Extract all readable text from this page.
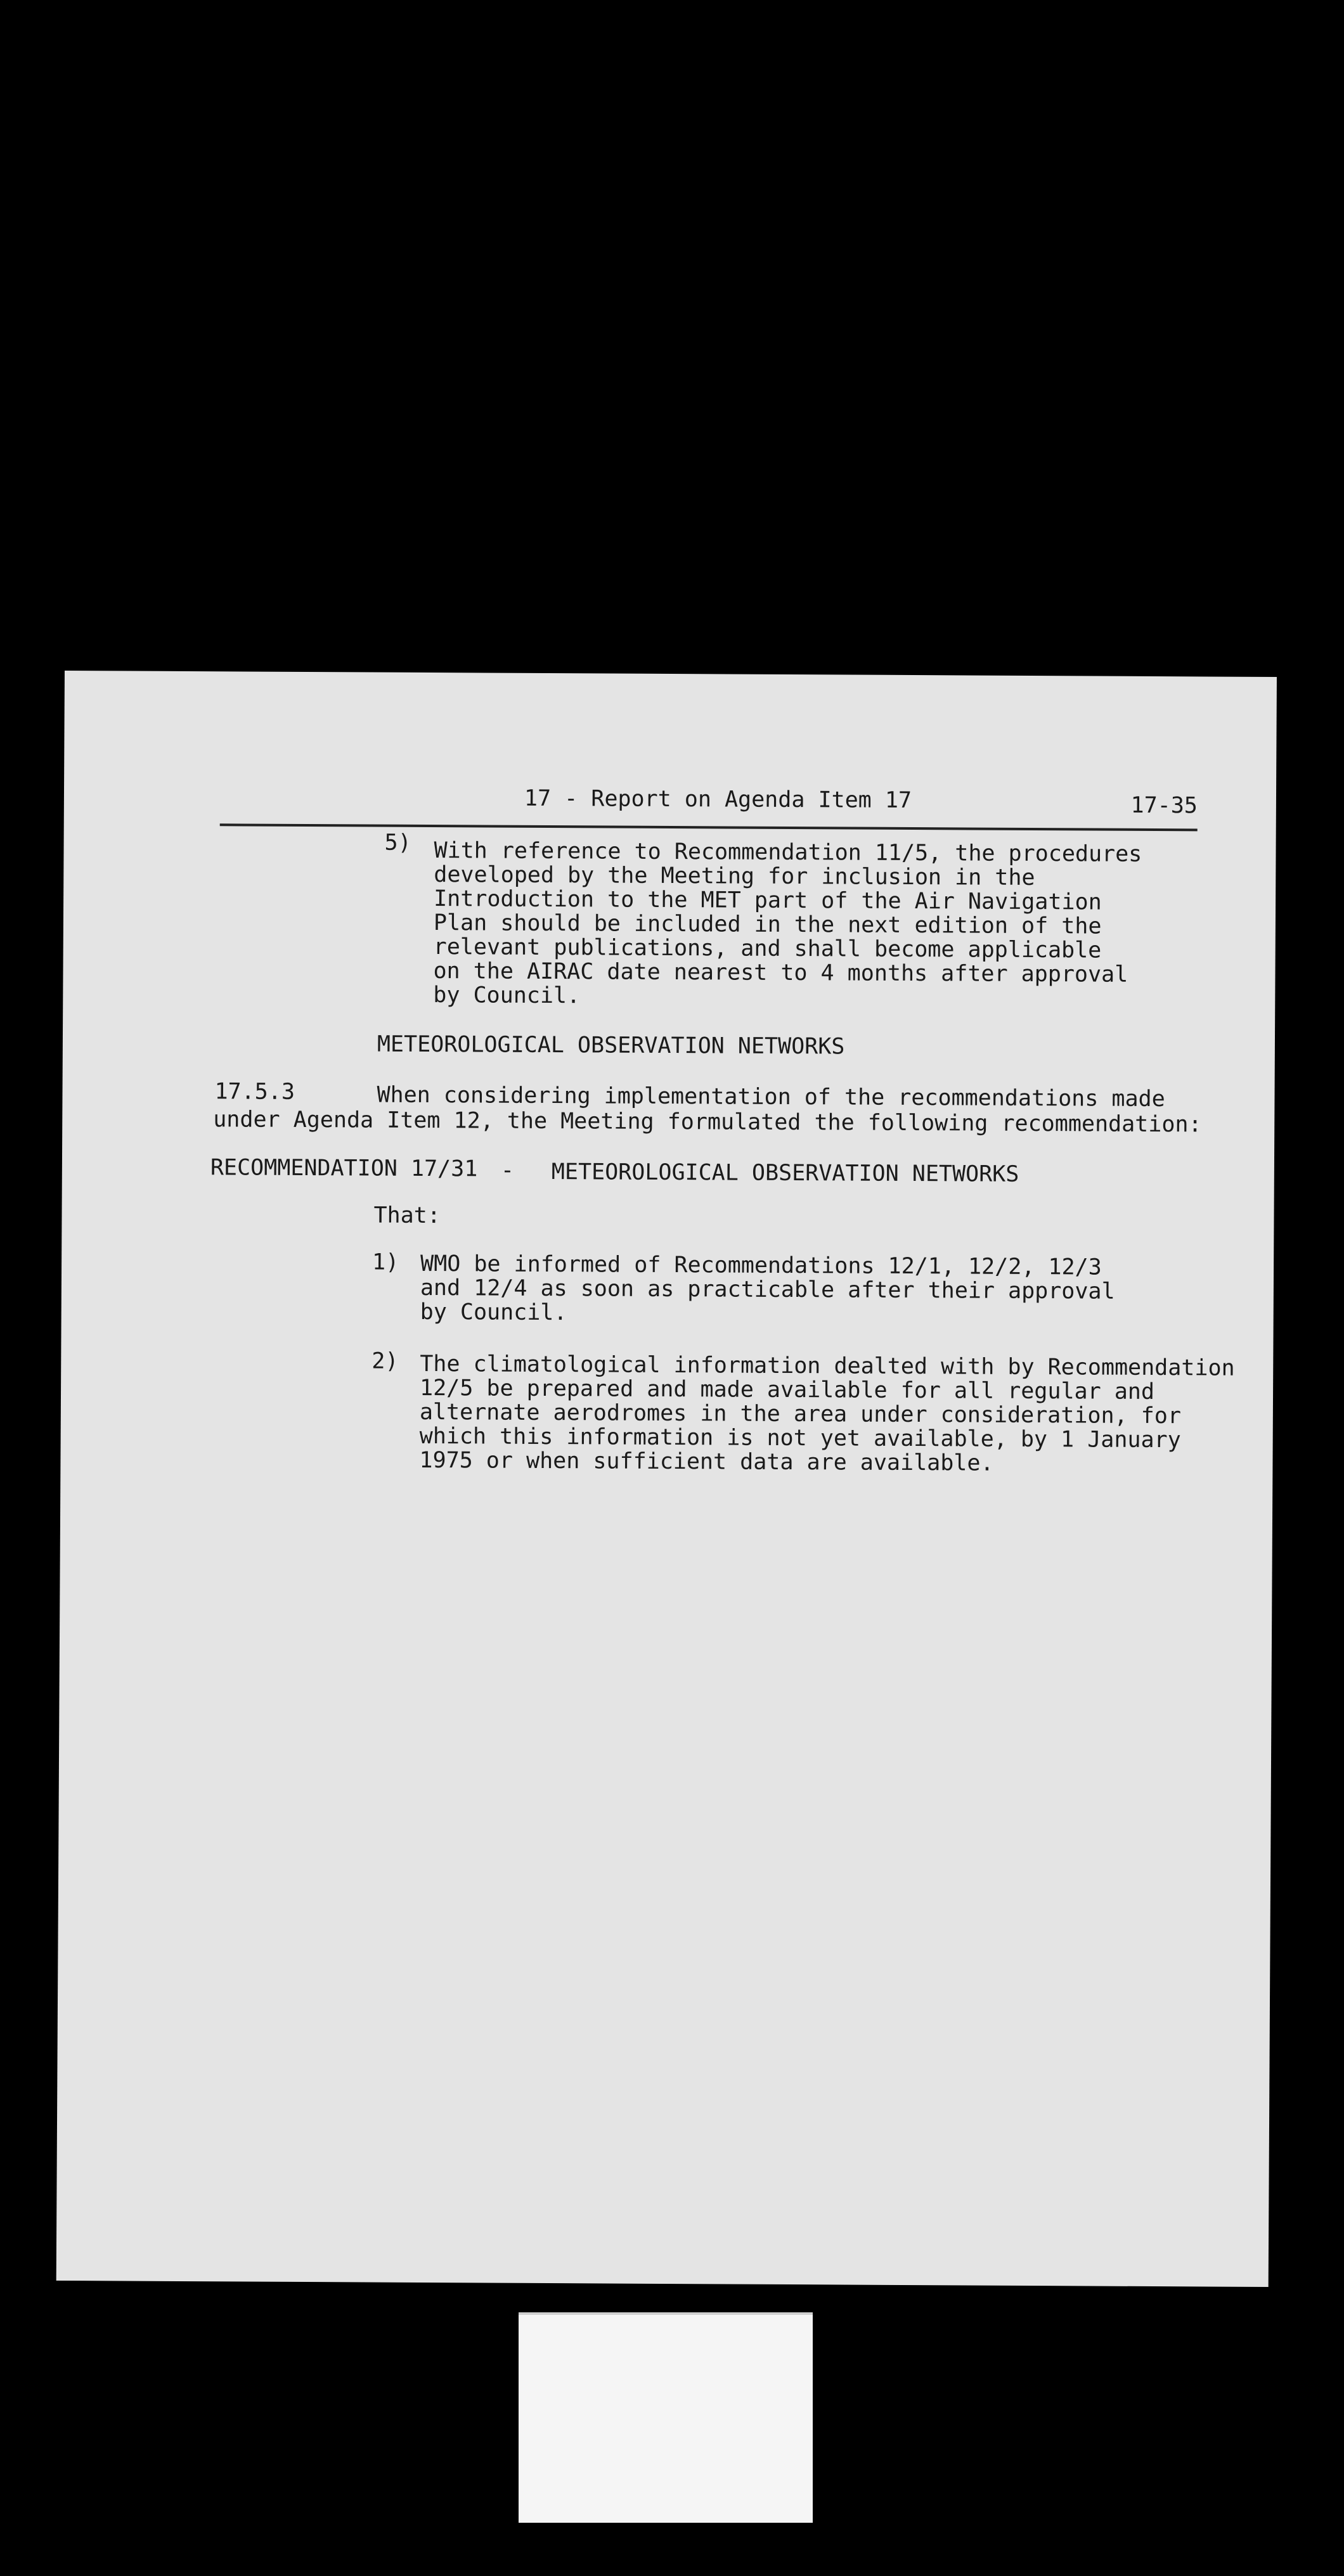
17 - Report on Agenda Item 17	17-35
5) With reference to Recommendation 11/5, the procedures
developed by the Meeting for inclusion in the
Introduction to the MET part of the Air Navigation
Plan should be included in the next edition of the
relevant publications, and shall become applicable
on the AIRAC date nearest to 4 months after approval
by Council.
METEOROLOGICAL OBSERVATION NETWORKS
17.5.3	When considering implementation of the recommendations made
under Agenda Item 12, the Meeting formulated the following recommendation:
RECOMMENDATION 17/31 - METEOROLOGICAL OBSERVATION NETWORKS
That:
1) WMO be informed of Recommendations 12/1, 12/2, 12/3
and 12/4 as soon as practicable after their approval
by Council.
2) The climatological information dealted with by Recommendation
12/5 be prepared and made available for all regular and
alternate aerodromes in the area under consideration, for
which this information is not yet available, by 1 January
1975 or when sufficient data are available.
